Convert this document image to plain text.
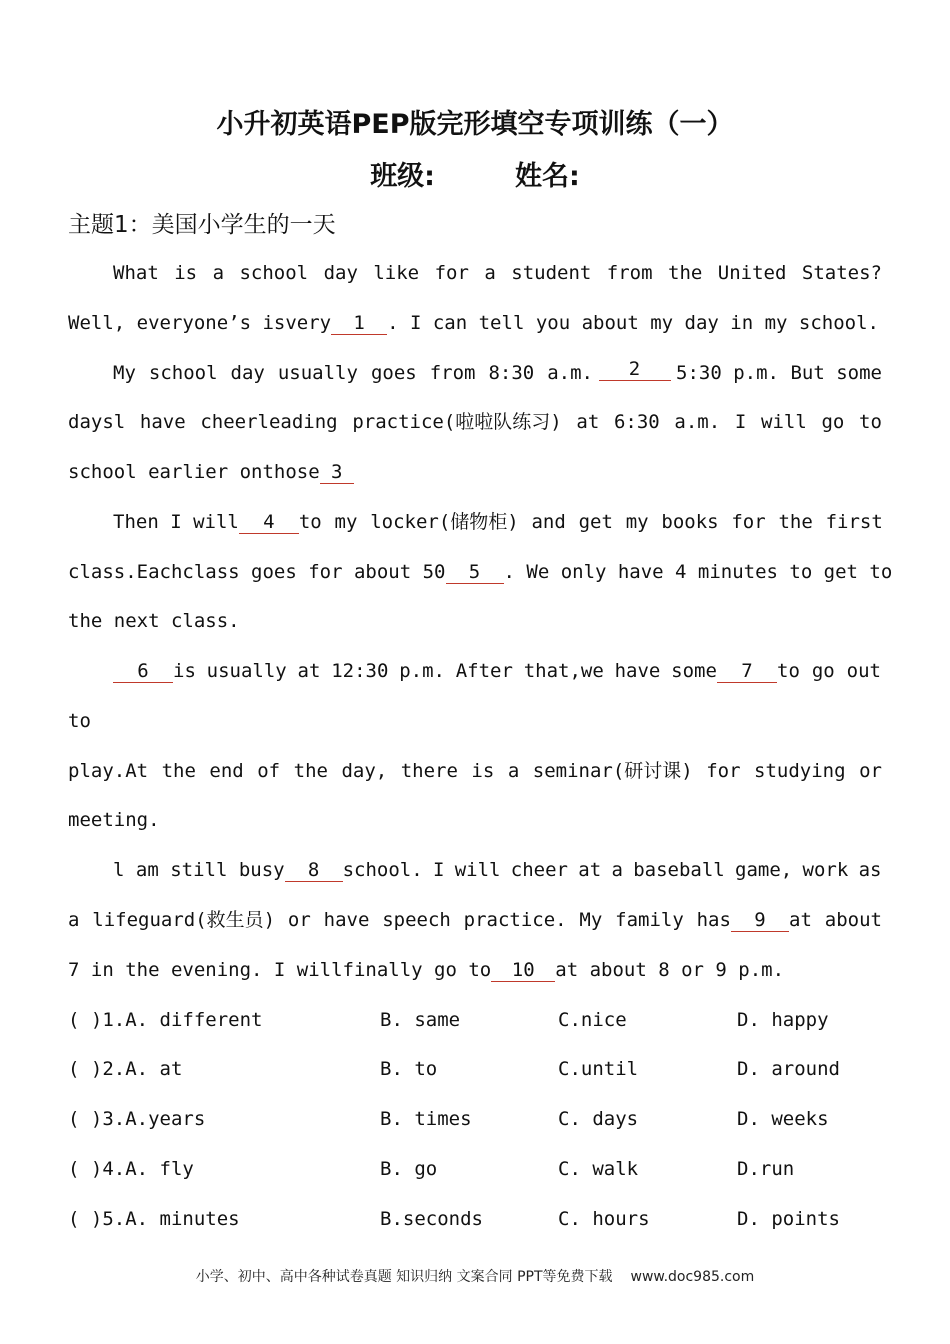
小升初英语PEP版完形填空专项训练（一）
班级:	姓名:
主题1：美国小学生的一天
What is a school day like for a student from the United States?
Well, everyone’s isvery 1 . I can tell you about my day in my school.
My school day usually goes from 8:30 a.m.	2	5:30 p.m. But some
daysl have cheerleading practice(啦啦队练习) at 6:30 a.m. I will go to
school earlier onthose 3
Then I will 4 to my locker(储物柜) and get my books for the first
class.Eachclass goes for about 50 5 . We only have 4 minutes to get to
the next class.
6 is usually at 12:30 p.m. After that,we have some 7 to go out
to
play.At the end of the day, there is a seminar(研讨课) for studying or
meeting.
l am still busy 8 school. I will cheer at a baseball game, work as
a lifeguard(救生员) or have speech practice. My family has 9 at about
7 in the evening. I willfinally go to 10 at about 8 or 9 p.m.
( )1.A. different	B. same	C.nice	D. happy
( )2.A. at	B. to	C.until	D. around
( )3.A.years	B. times	C. days	D. weeks
( )4.A. fly	B. go	C. walk	D.run
( )5.A. minutes	B.seconds	C. hours	D. points
小学、初中、高中各种试卷真题 知识归纳 文案合同 PPT等免费下载 www.doc985.com
